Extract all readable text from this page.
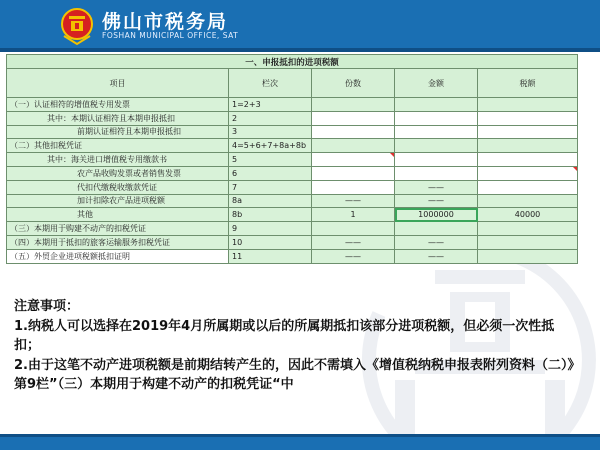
佛山市税务局
FOSHAN MUNICIPAL OFFICE, SAT
一、申报抵扣的进项税额				
项目	栏次	份数	金额	税额
（一）认证相符的增值税专用发票	1=2+3			
其中：本期认证相符且本期申报抵扣	2			
前期认证相符且本期申报抵扣	3			
（二）其他扣税凭证	4=5+6+7+8a+8b			
其中：海关进口增值税专用缴款书	5			
农产品收购发票或者销售发票	6			
代扣代缴税收缴款凭证	7		——	
加计扣除农产品进项税额	8a	——	——	
其他	8b	1	1000000	40000
（三）本期用于购建不动产的扣税凭证	9			
（四）本期用于抵扣的旅客运输服务扣税凭证	10	——	——	
（五）外贸企业进项税额抵扣证明	11	——	——	
注意事项：
1.纳税人可以选择在2019年4月所属期或以后的所属期抵扣该部分进项税额，但必须一次性抵扣；
2.由于这笔不动产进项税额是前期结转产生的，因此不需填入《增值税纳税申报表附列资料（二）》第9栏”（三）本期用于构建不动产的扣税凭证“中
